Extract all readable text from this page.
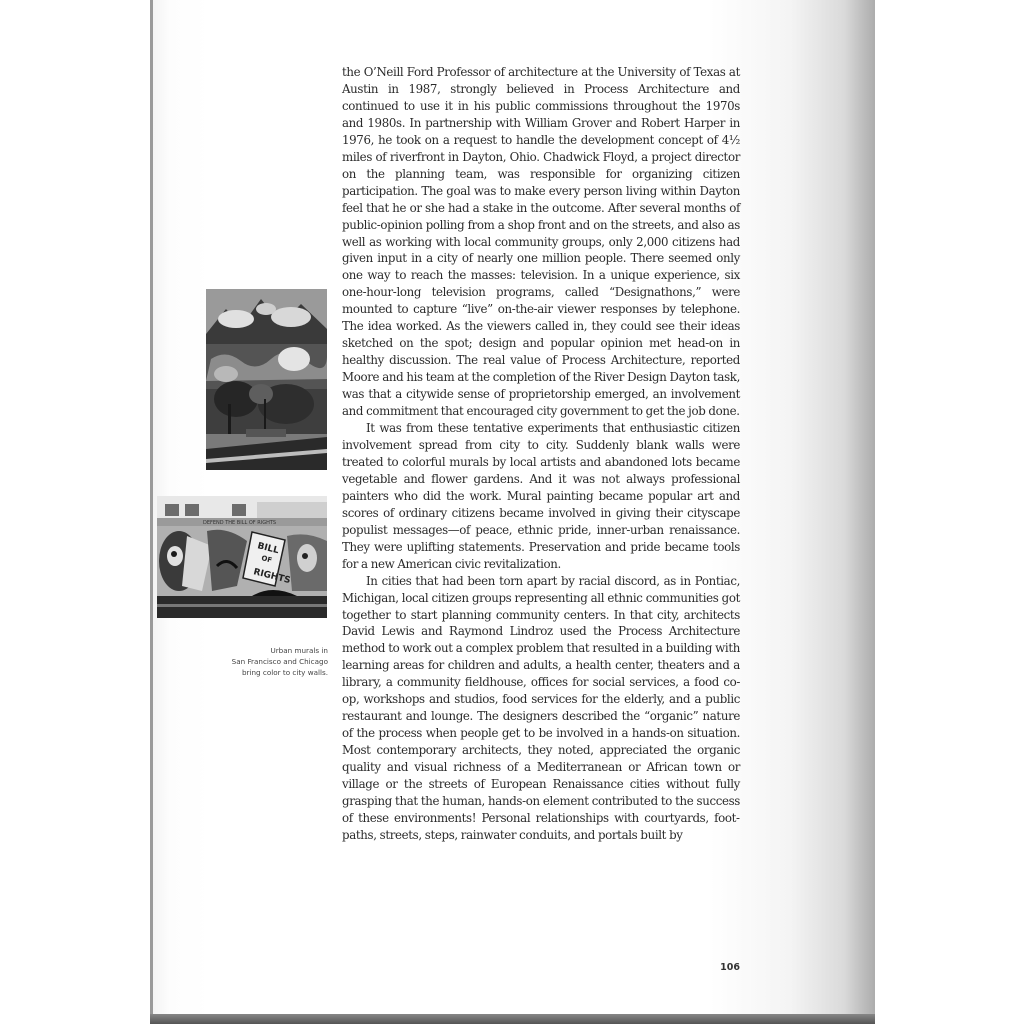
the O’Neill Ford Professor of architecture at the University of Texas at Austin in 1987, strongly believed in Process Architecture and continued to use it in his public commissions throughout the 1970s and 1980s. In partnership with William Grover and Robert Harper in 1976, he took on a request to handle the development concept of 4½ miles of riverfront in Dayton, Ohio. Chadwick Floyd, a project director on the planning team, was responsible for organizing citizen participation. The goal was to make every person living within Dayton feel that he or she had a stake in the outcome. After several months of public-opinion polling from a shop front and on the streets, and also as well as working with local community groups, only 2,000 citizens had given input in a city of nearly one million people. There seemed only one way to reach the masses: television. In a unique experience, six one-hour-long television programs, called “Designathons,” were mounted to capture “live” on-the-air viewer responses by telephone. The idea worked. As the viewers called in, they could see their ideas sketched on the spot; design and popular opinion met head-on in healthy discussion. The real value of Process Architecture, reported Moore and his team at the completion of the River Design Dayton task, was that a citywide sense of proprietorship emerged, an involvement and commitment that encouraged city government to get the job done.

It was from these tentative experiments that enthusiastic citizen involvement spread from city to city. Suddenly blank walls were treated to colorful murals by local artists and abandoned lots became vegetable and flower gardens. And it was not always professional painters who did the work. Mural painting became popular art and scores of ordinary citizens became involved in giving their cityscape populist messages—of peace, ethnic pride, inner-urban renaissance. They were uplifting statements. Preservation and pride became tools for a new American civic revitalization.

In cities that had been torn apart by racial discord, as in Pontiac, Michigan, local citizen groups representing all ethnic communities got together to start planning community centers. In that city, architects David Lewis and Raymond Lindroz used the Process Architecture method to work out a complex problem that resulted in a building with learning areas for children and adults, a health center, theaters and a library, a community fieldhouse, offices for social services, a food co-op, workshops and studios, food services for the elderly, and a public restaurant and lounge. The designers described the “organic” nature of the process when people get to be involved in a hands-on situation. Most contemporary architects, they noted, appreciated the organic quality and visual richness of a Mediterranean or African town or village or the streets of European Renaissance cities without fully grasping that the human, hands-on element contributed to the success of these environments! Personal relationships with courtyards, footpaths, streets, steps, rainwater conduits, and portals built by

DEFEND THE BILL OF RIGHTS
BILL
OF
RIGHTS
Urban murals in
San Francisco and Chicago
bring color to city walls.
106
